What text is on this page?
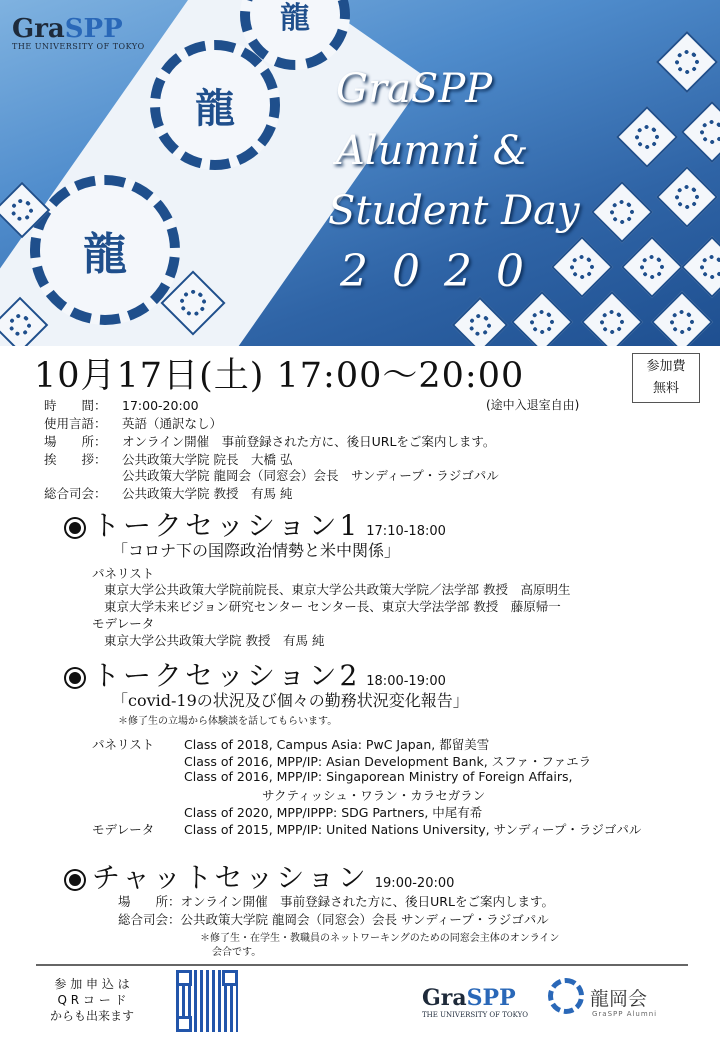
龍
龍
龍
GraSPP
THE UNIVERSITY OF TOKYO
GraSPP
Alumni &
Student Day
2020
10月17日(土) 17:00〜20:00	参加費
無料
(途中入退室自由)
時　　間： 17:00-20:00
使用言語： 英語（通訳なし）
場　　所： オンライン開催　事前登録された方に、後日URLをご案内します。
挨　　拶： 公共政策大学院 院長　大橋 弘
公共政策大学院 龍岡会（同窓会）会長　サンディープ・ラジゴパル
総合司会： 公共政策大学院 教授　有馬 純
トークセッション1 17:10-18:00
「コロナ下の国際政治情勢と米中関係」
パネリスト
東京大学公共政策大学院前院長、東京大学公共政策大学院／法学部 教授　高原明生
東京大学未来ビジョン研究センター センター長、東京大学法学部 教授　藤原帰一
モデレータ
東京大学公共政策大学院 教授　有馬 純
トークセッション2 18:00-19:00
「covid-19の状況及び個々の勤務状況変化報告」
＊修了生の立場から体験談を話してもらいます。
パネリスト Class of 2018, Campus Asia: PwC Japan, 都留美雪
Class of 2016, MPP/IP: Asian Development Bank, スファ・ファエラ
Class of 2016, MPP/IP: Singaporean Ministry of Foreign Affairs,
サクティッシュ・ワラン・カラセガラン
Class of 2020, MPP/IPPP: SDG Partners, 中尾有希
モデレータ Class of 2015, MPP/IP: United Nations University, サンディープ・ラジゴパル
チャットセッション 19:00-20:00
場　　所：オンライン開催　事前登録された方に、後日URLをご案内します。
総合司会：公共政策大学院 龍岡会（同窓会）会長 サンディープ・ラジゴパル
＊修了生・在学生・教職員のネットワーキングのための同窓会主体のオンライン
会合です。
参 加 申 込 は
Q R コ ー ド
からも出来ます
GraSPP
THE UNIVERSITY OF TOKYO
龍岡会
GraSPP Alumni
